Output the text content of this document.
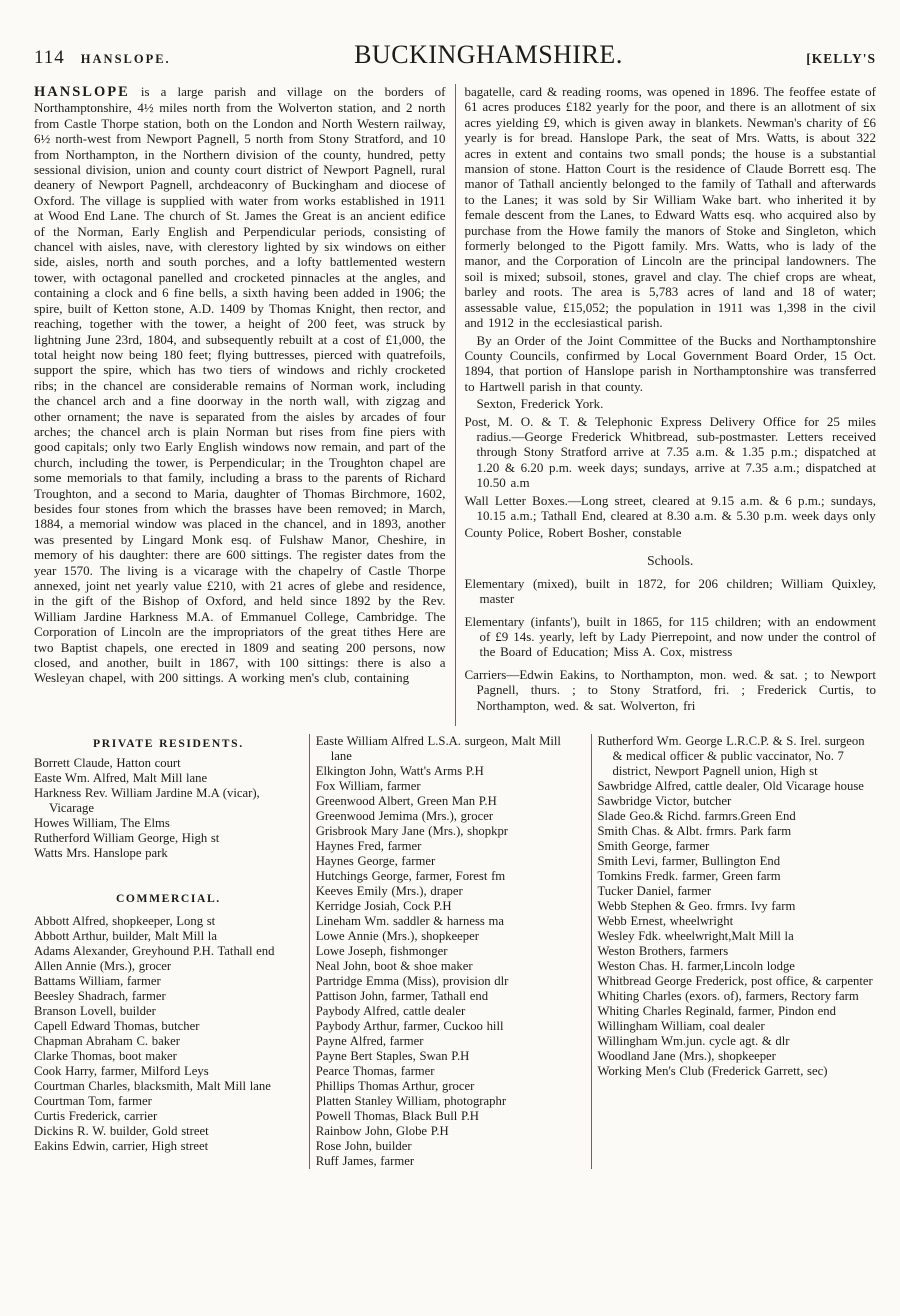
114 HANSLOPE.	BUCKINGHAMSHIRE.	[KELLY'S

HANSLOPE is a large parish and village on the borders of Northamptonshire, 4½ miles north from the Wolverton station, and 2 north from Castle Thorpe station, both on the London and North Western railway, 6½ north-west from Newport Pagnell, 5 north from Stony Stratford, and 10 from Northampton, in the Northern division of the county, hundred, petty sessional division, union and county court district of Newport Pagnell, rural deanery of Newport Pagnell, archdeaconry of Buckingham and diocese of Oxford. The village is supplied with water from works established in 1911 at Wood End Lane. The church of St. James the Great is an ancient edifice of the Norman, Early English and Perpendicular periods, consisting of chancel with aisles, nave, with clerestory lighted by six windows on either side, aisles, north and south porches, and a lofty battlemented western tower, with octagonal panelled and crocketed pinnacles at the angles, and containing a clock and 6 fine bells, a sixth having been added in 1906; the spire, built of Ketton stone, A.D. 1409 by Thomas Knight, then rector, and reaching, together with the tower, a height of 200 feet, was struck by lightning June 23rd, 1804, and subsequently rebuilt at a cost of £1,000, the total height now being 180 feet; flying buttresses, pierced with quatrefoils, support the spire, which has two tiers of windows and richly crocketed ribs; in the chancel are considerable remains of Norman work, including the chancel arch and a fine doorway in the north wall, with zigzag and other ornament; the nave is separated from the aisles by arcades of four arches; the chancel arch is plain Norman but rises from fine piers with good capitals; only two Early English windows now remain, and part of the church, including the tower, is Perpendicular; in the Troughton chapel are some memorials to that family, including a brass to the parents of Richard Troughton, and a second to Maria, daughter of Thomas Birchmore, 1602, besides four stones from which the brasses have been removed; in March, 1884, a memorial window was placed in the chancel, and in 1893, another was presented by Lingard Monk esq. of Fulshaw Manor, Cheshire, in memory of his daughter: there are 600 sittings. The register dates from the year 1570. The living is a vicarage with the chapelry of Castle Thorpe annexed, joint net yearly value £210, with 21 acres of glebe and residence, in the gift of the Bishop of Oxford, and held since 1892 by the Rev. William Jardine Harkness M.A. of Emmanuel College, Cambridge. The Corporation of Lincoln are the impropriators of the great tithes Here are two Baptist chapels, one erected in 1809 and seating 200 persons, now closed, and another, built in 1867, with 100 sittings: there is also a Wesleyan chapel, with 200 sittings. A working men's club, containing

bagatelle, card & reading rooms, was opened in 1896. The feoffee estate of 61 acres produces £182 yearly for the poor, and there is an allotment of six acres yielding £9, which is given away in blankets. Newman's charity of £6 yearly is for bread. Hanslope Park, the seat of Mrs. Watts, is about 322 acres in extent and contains two small ponds; the house is a substantial mansion of stone. Hatton Court is the residence of Claude Borrett esq. The manor of Tathall anciently belonged to the family of Tathall and afterwards to the Lanes; it was sold by Sir William Wake bart. who inherited it by female descent from the Lanes, to Edward Watts esq. who acquired also by purchase from the Howe family the manors of Stoke and Singleton, which formerly belonged to the Pigott family. Mrs. Watts, who is lady of the manor, and the Corporation of Lincoln are the principal landowners. The soil is mixed; subsoil, stones, gravel and clay. The chief crops are wheat, barley and roots. The area is 5,783 acres of land and 18 of water; assessable value, £15,052; the population in 1911 was 1,398 in the civil and 1912 in the ecclesiastical parish.

By an Order of the Joint Committee of the Bucks and Northamptonshire County Councils, confirmed by Local Government Board Order, 15 Oct. 1894, that portion of Hanslope parish in Northamptonshire was transferred to Hartwell parish in that county.

Sexton, Frederick York.

Post, M. O. & T. & Telephonic Express Delivery Office for 25 miles radius.—George Frederick Whitbread, sub-postmaster. Letters received through Stony Stratford arrive at 7.35 a.m. & 1.35 p.m.; dispatched at 1.20 & 6.20 p.m. week days; sundays, arrive at 7.35 a.m.; dispatched at 10.50 a.m

Wall Letter Boxes.—Long street, cleared at 9.15 a.m. & 6 p.m.; sundays, 10.15 a.m.; Tathall End, cleared at 8.30 a.m. & 5.30 p.m. week days only

County Police, Robert Bosher, constable

Schools.
Elementary (mixed), built in 1872, for 206 children; William Quixley, master
Elementary (infants'), built in 1865, for 115 children; with an endowment of £9 14s. yearly, left by Lady Pierrepoint, and now under the control of the Board of Education; Miss A. Cox, mistress

Carriers—Edwin Eakins, to Northampton, mon. wed. & sat. ; to Newport Pagnell, thurs. ; to Stony Stratford, fri. ; Frederick Curtis, to Northampton, wed. & sat. Wolverton, fri

PRIVATE RESIDENTS.
Borrett Claude, Hatton court
Easte Wm. Alfred, Malt Mill lane
Harkness Rev. William Jardine M.A (vicar), Vicarage
Howes William, The Elms
Rutherford William George, High st
Watts Mrs. Hanslope park
COMMERCIAL.
Abbott Alfred, shopkeeper, Long st
Abbott Arthur, builder, Malt Mill la
Adams Alexander, Greyhound P.H. Tathall end
Allen Annie (Mrs.), grocer
Battams William, farmer
Beesley Shadrach, farmer
Branson Lovell, builder
Capell Edward Thomas, butcher
Chapman Abraham C. baker
Clarke Thomas, boot maker
Cook Harry, farmer, Milford Leys
Courtman Charles, blacksmith, Malt Mill lane
Courtman Tom, farmer
Curtis Frederick, carrier
Dickins R. W. builder, Gold street
Eakins Edwin, carrier, High street
Easte William Alfred L.S.A. surgeon, Malt Mill lane
Elkington John, Watt's Arms P.H
Fox William, farmer
Greenwood Albert, Green Man P.H
Greenwood Jemima (Mrs.), grocer
Grisbrook Mary Jane (Mrs.), shopkpr
Haynes Fred, farmer
Haynes George, farmer
Hutchings George, farmer, Forest fm
Keeves Emily (Mrs.), draper
Kerridge Josiah, Cock P.H
Lineham Wm. saddler & harness ma
Lowe Annie (Mrs.), shopkeeper
Lowe Joseph, fishmonger
Neal John, boot & shoe maker
Partridge Emma (Miss), provision dlr
Pattison John, farmer, Tathall end
Paybody Alfred, cattle dealer
Paybody Arthur, farmer, Cuckoo hill
Payne Alfred, farmer
Payne Bert Staples, Swan P.H
Pearce Thomas, farmer
Phillips Thomas Arthur, grocer
Platten Stanley William, photographr
Powell Thomas, Black Bull P.H
Rainbow John, Globe P.H
Rose John, builder
Ruff James, farmer
Rutherford Wm. George L.R.C.P. & S. Irel. surgeon & medical officer & public vaccinator, No. 7 district, Newport Pagnell union, High st
Sawbridge Alfred, cattle dealer, Old Vicarage house
Sawbridge Victor, butcher
Slade Geo.& Richd. farmrs.Green End
Smith Chas. & Albt. frmrs. Park farm
Smith George, farmer
Smith Levi, farmer, Bullington End
Tomkins Fredk. farmer, Green farm
Tucker Daniel, farmer
Webb Stephen & Geo. frmrs. Ivy farm
Webb Ernest, wheelwright
Wesley Fdk. wheelwright,Malt Mill la
Weston Brothers, farmers
Weston Chas. H. farmer,Lincoln lodge
Whitbread George Frederick, post office, & carpenter
Whiting Charles (exors. of), farmers, Rectory farm
Whiting Charles Reginald, farmer, Pindon end
Willingham William, coal dealer
Willingham Wm.jun. cycle agt. & dlr
Woodland Jane (Mrs.), shopkeeper
Working Men's Club (Frederick Garrett, sec)
